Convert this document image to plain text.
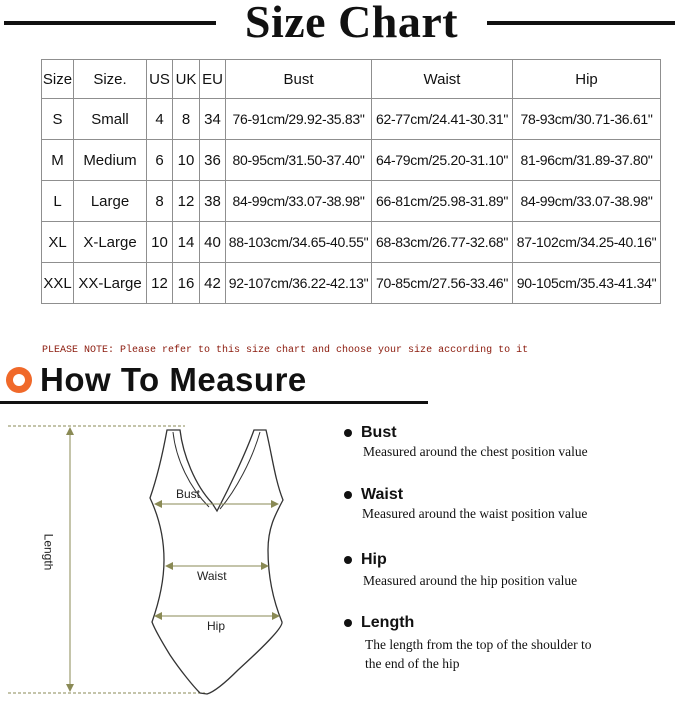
Size Chart
Size	Size.	US	UK	EU	Bust	Waist	Hip
S	Small	4	8	34	76-91cm/29.92-35.83"	62-77cm/24.41-30.31"	78-93cm/30.71-36.61"
M	Medium	6	10	36	80-95cm/31.50-37.40"	64-79cm/25.20-31.10"	81-96cm/31.89-37.80"
L	Large	8	12	38	84-99cm/33.07-38.98"	66-81cm/25.98-31.89"	84-99cm/33.07-38.98"
XL	X-Large	10	14	40	88-103cm/34.65-40.55"	68-83cm/26.77-32.68"	87-102cm/34.25-40.16"
XXL	XX-Large	12	16	42	92-107cm/36.22-42.13"	70-85cm/27.56-33.46"	90-105cm/35.43-41.34"
PLEASE NOTE: Please refer to this size chart and choose your size according to it
How To Measure
Bust
Waist
Hip
Length
Bust
Measured around the chest position value
Waist
Measured around the waist position value
Hip
Measured around the hip position value
Length
The length from the top of the shoulder to
the end of the hip
